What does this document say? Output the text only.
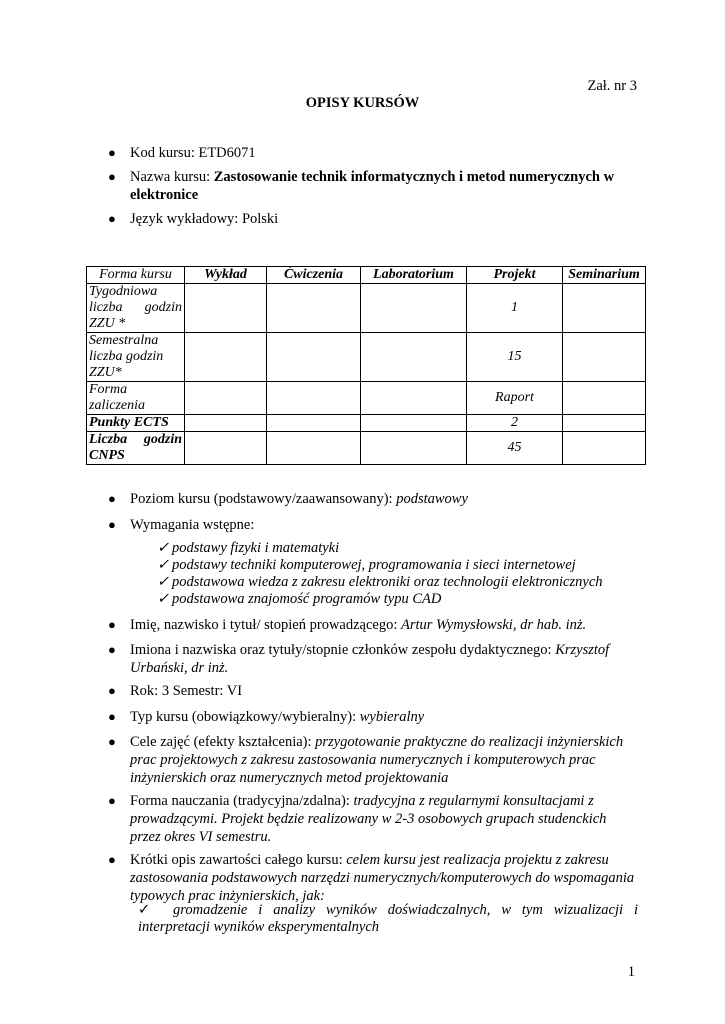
Zał. nr 3
OPISY KURSÓW
● Kod kursu: ETD6071
● Nazwa kursu: Zastosowanie technik informatycznych i metod numerycznych w
elektronice
● Język wykładowy: Polski
Forma kursu	Wykład	Ćwiczenia	Laboratorium	Projekt	Seminarium

Tygodniowa
liczba godzin
ZZU *				1	

Semestralna
liczba godzin
ZZU*				15	

Forma
zaliczenia				Raport	

Punkty ECTS				2	

Liczba godzin
CNPS				45	
● Poziom kursu (podstawowy/zaawansowany): podstawowy
● Wymagania wstępne:
✓ podstawy fizyki i matematyki
✓ podstawy techniki komputerowej, programowania i sieci internetowej
✓ podstawowa wiedza z zakresu elektroniki oraz technologii elektronicznych
✓ podstawowa znajomość programów typu CAD
● Imię, nazwisko i tytuł/ stopień prowadzącego: Artur Wymysłowski, dr hab. inż.
● Imiona i nazwiska oraz tytuły/stopnie członków zespołu dydaktycznego: Krzysztof
Urbański, dr inż.
● Rok: 3 Semestr: VI
● Typ kursu (obowiązkowy/wybieralny): wybieralny
● Cele zajęć (efekty kształcenia): przygotowanie praktyczne do realizacji inżynierskich
prac projektowych z zakresu zastosowania numerycznych i komputerowych prac
inżynierskich oraz numerycznych metod projektowania
● Forma nauczania (tradycyjna/zdalna): tradycyjna z regularnymi konsultacjami z
prowadzącymi. Projekt będzie realizowany w 2-3 osobowych grupach studenckich
przez okres VI semestru.
● Krótki opis zawartości całego kursu: celem kursu jest realizacja projektu z zakresu
zastosowania podstawowych narzędzi numerycznych/komputerowych do wspomagania
typowych prac inżynierskich, jak:
✓ gromadzenie i analizy wyników doświadczalnych, w tym wizualizacji i
interpretacji wyników eksperymentalnych
1
